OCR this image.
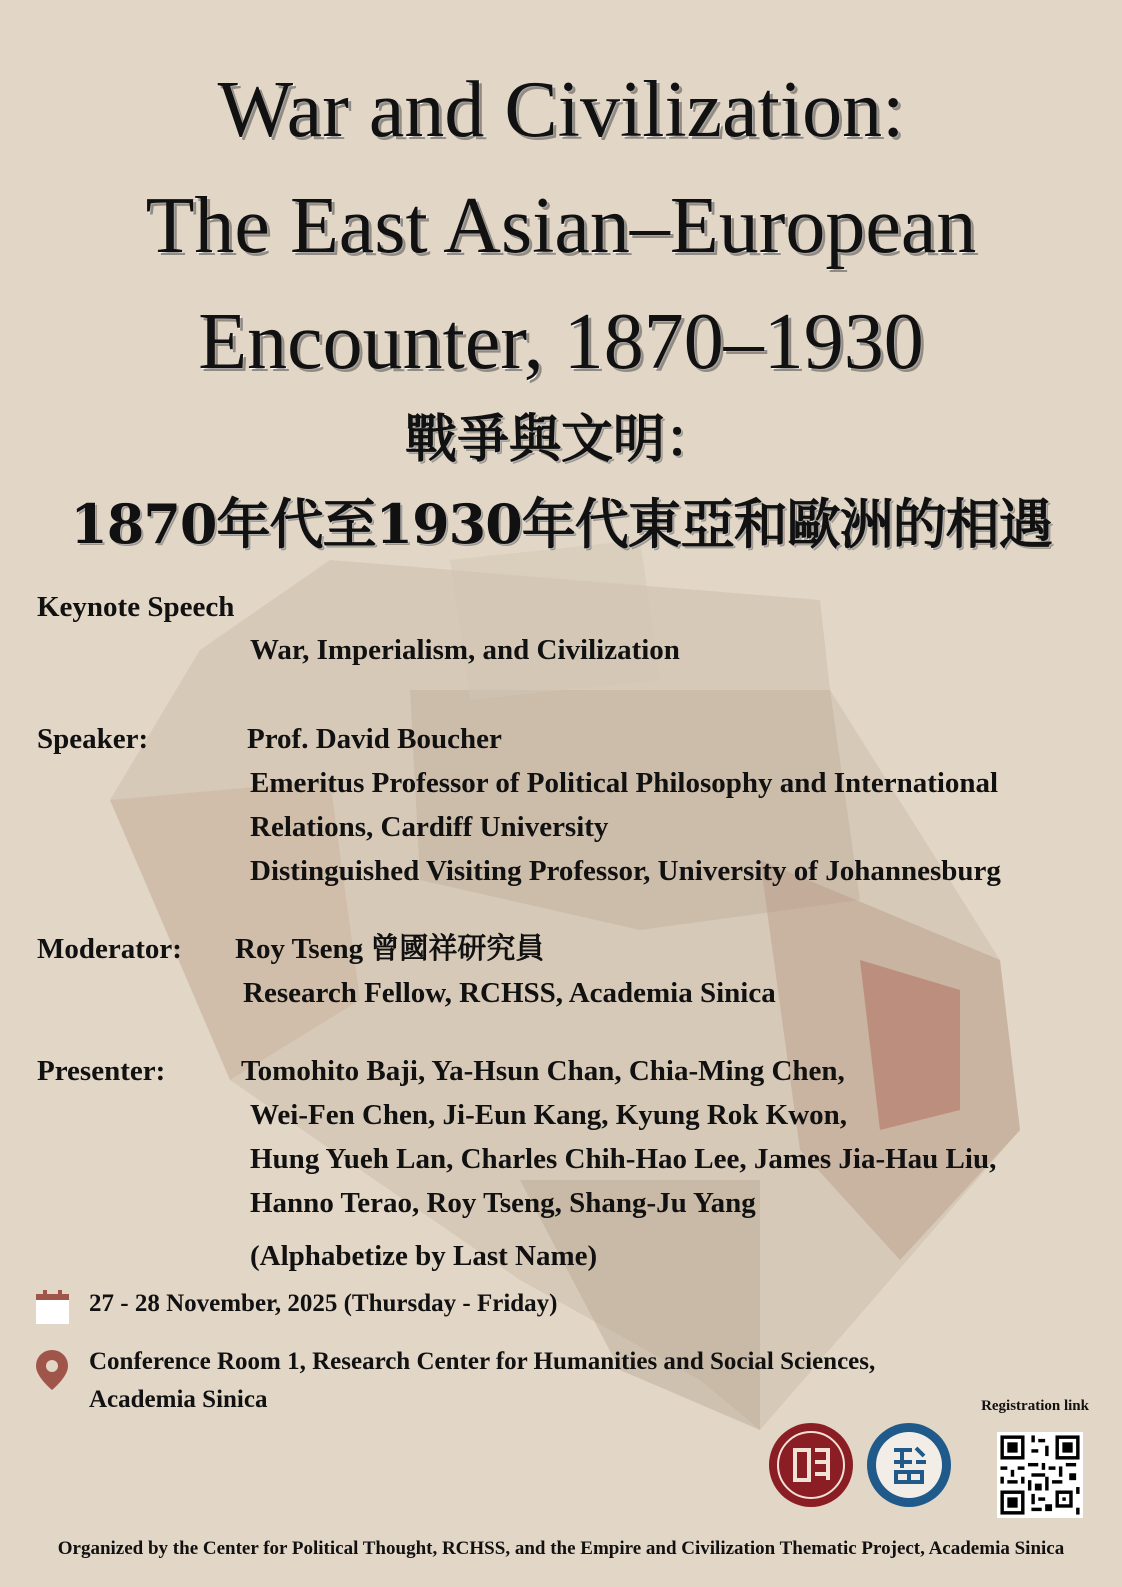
War and Civilization:
The East Asian–European
Encounter, 1870–1930
戰爭與文明：
1870年代至1930年代東亞和歐洲的相遇
Keynote Speech
War, Imperialism, and Civilization
Speaker:	Prof. David Boucher
Emeritus Professor of Political Philosophy and International
Relations, Cardiff University
Distinguished Visiting Professor, University of Johannesburg
Moderator: Roy Tseng 曾國祥研究員
Research Fellow, RCHSS, Academia Sinica
Presenter:	Tomohito Baji, Ya-Hsun Chan, Chia-Ming Chen,
Wei-Fen Chen, Ji-Eun Kang, Kyung Rok Kwon,
Hung Yueh Lan, Charles Chih-Hao Lee, James Jia-Hau Liu,
Hanno Terao, Roy Tseng, Shang-Ju Yang
(Alphabetize by Last Name)
27 - 28 November, 2025 (Thursday - Friday)
Conference Room 1, Research Center for Humanities and Social Sciences,
Academia Sinica	Registration link
Organized by the Center for Political Thought, RCHSS, and the Empire and Civilization Thematic Project, Academia Sinica
